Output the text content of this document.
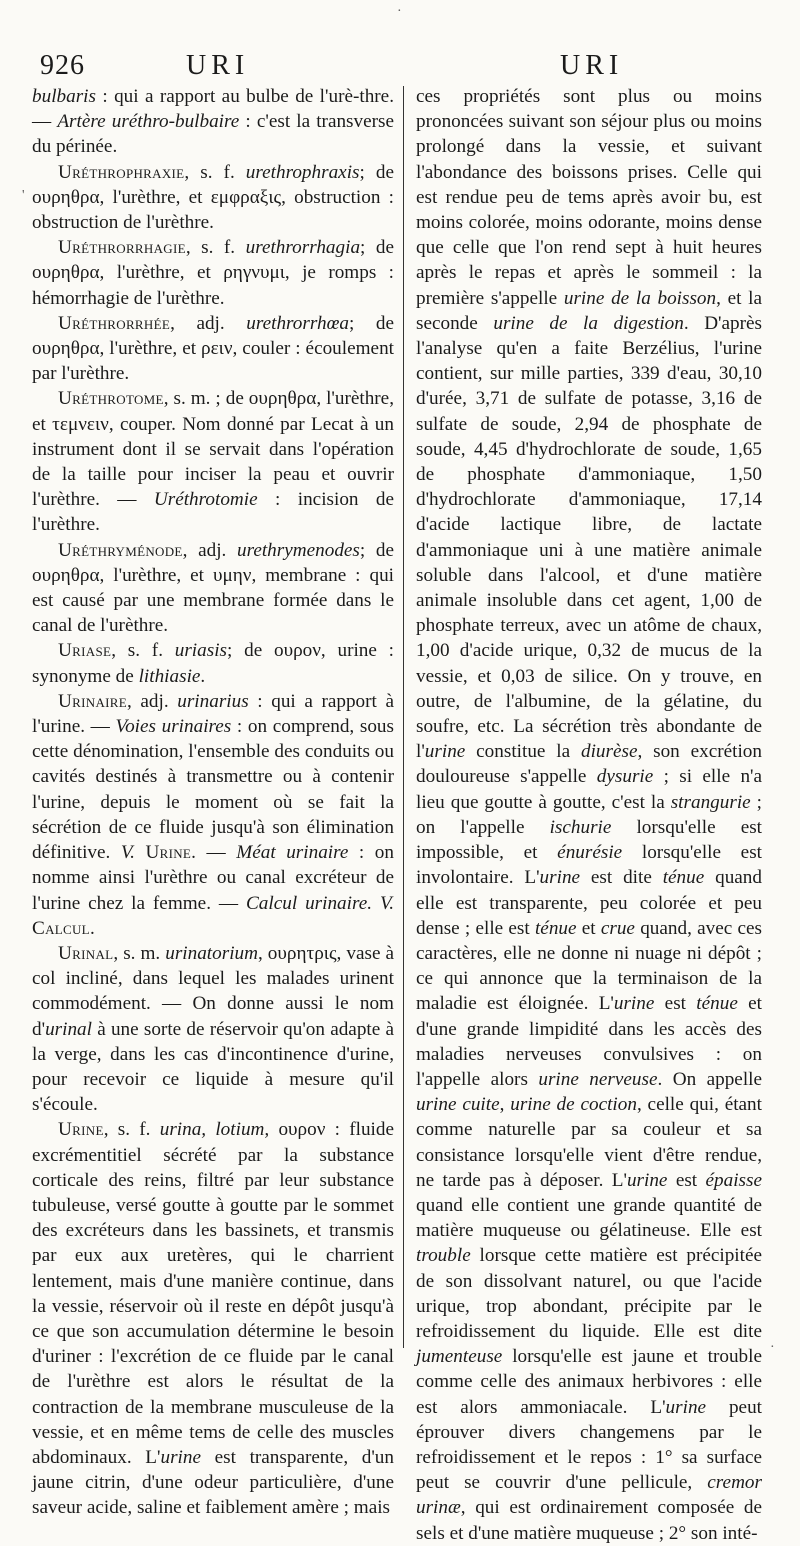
926	URI	URI

bulbaris : qui a rapport au bulbe de l'urè-thre. — Artère uréthro-bulbaire : c'est la transverse du périnée.

Uréthrophraxie, s. f. urethrophraxis; de ουρηθρα, l'urèthre, et εμφραξις, obstruction : obstruction de l'urèthre.

Uréthrorrhagie, s. f. urethrorrhagia; de ουρηθρα, l'urèthre, et ρηγνυμι, je romps : hémorrhagie de l'urèthre.

Uréthrorrhée, adj. urethrorrhœa; de ουρηθρα, l'urèthre, et ρειν, couler : écoulement par l'urèthre.

Uréthrotome, s. m. ; de ουρηθρα, l'urèthre, et τεμνειν, couper. Nom donné par Lecat à un instrument dont il se servait dans l'opération de la taille pour inciser la peau et ouvrir l'urèthre. — Uréthrotomie : incision de l'urèthre.

Uréthryménode, adj. urethrymenodes; de ουρηθρα, l'urèthre, et υμην, membrane : qui est causé par une membrane formée dans le canal de l'urèthre.

Uriase, s. f. uriasis; de ουρον, urine : synonyme de lithiasie.

Urinaire, adj. urinarius : qui a rapport à l'urine. — Voies urinaires : on comprend, sous cette dénomination, l'ensemble des conduits ou cavités destinés à transmettre ou à contenir l'urine, depuis le moment où se fait la sécrétion de ce fluide jusqu'à son élimination définitive. V. Urine. — Méat urinaire : on nomme ainsi l'urèthre ou canal excréteur de l'urine chez la femme. — Calcul urinaire. V. Calcul.

Urinal, s. m. urinatorium, ουρητρις, vase à col incliné, dans lequel les malades urinent commodément. — On donne aussi le nom d'urinal à une sorte de réservoir qu'on adapte à la verge, dans les cas d'incontinence d'urine, pour recevoir ce liquide à mesure qu'il s'écoule.

Urine, s. f. urina, lotium, ουρον : fluide excrémentitiel sécrété par la substance corticale des reins, filtré par leur substance tubuleuse, versé goutte à goutte par le sommet des excréteurs dans les bassinets, et transmis par eux aux uretères, qui le charrient lentement, mais d'une manière continue, dans la vessie, réservoir où il reste en dépôt jusqu'à ce que son accumulation détermine le besoin d'uriner : l'excrétion de ce fluide par le canal de l'urèthre est alors le résultat de la contraction de la membrane musculeuse de la vessie, et en même tems de celle des muscles abdominaux. L'urine est transparente, d'un jaune citrin, d'une odeur particulière, d'une saveur acide, saline et faiblement amère ; mais

ces propriétés sont plus ou moins prononcées suivant son séjour plus ou moins prolongé dans la vessie, et suivant l'abondance des boissons prises. Celle qui est rendue peu de tems après avoir bu, est moins colorée, moins odorante, moins dense que celle que l'on rend sept à huit heures après le repas et après le sommeil : la première s'appelle urine de la boisson, et la seconde urine de la digestion. D'après l'analyse qu'en a faite Berzélius, l'urine contient, sur mille parties, 339 d'eau, 30,10 d'urée, 3,71 de sulfate de potasse, 3,16 de sulfate de soude, 2,94 de phosphate de soude, 4,45 d'hydrochlorate de soude, 1,65 de phosphate d'ammoniaque, 1,50 d'hydrochlorate d'ammoniaque, 17,14 d'acide lactique libre, de lactate d'ammoniaque uni à une matière animale soluble dans l'alcool, et d'une matière animale insoluble dans cet agent, 1,00 de phosphate terreux, avec un atôme de chaux, 1,00 d'acide urique, 0,32 de mucus de la vessie, et 0,03 de silice. On y trouve, en outre, de l'albumine, de la gélatine, du soufre, etc. La sécrétion très abondante de l'urine constitue la diurèse, son excrétion douloureuse s'appelle dysurie ; si elle n'a lieu que goutte à goutte, c'est la strangurie ; on l'appelle ischurie lorsqu'elle est impossible, et énurésie lorsqu'elle est involontaire. L'urine est dite ténue quand elle est transparente, peu colorée et peu dense ; elle est ténue et crue quand, avec ces caractères, elle ne donne ni nuage ni dépôt ; ce qui annonce que la terminaison de la maladie est éloignée. L'urine est ténue et d'une grande limpidité dans les accès des maladies nerveuses convulsives : on l'appelle alors urine nerveuse. On appelle urine cuite, urine de coction, celle qui, étant comme naturelle par sa couleur et sa consistance lorsqu'elle vient d'être rendue, ne tarde pas à déposer. L'urine est épaisse quand elle contient une grande quantité de matière muqueuse ou gélatineuse. Elle est trouble lorsque cette matière est précipitée de son dissolvant naturel, ou que l'acide urique, trop abondant, précipite par le refroidissement du liquide. Elle est dite jumenteuse lorsqu'elle est jaune et trouble comme celle des animaux herbivores : elle est alors ammoniacale. L'urine peut éprouver divers changemens par le refroidissement et le repos : 1° sa surface peut se couvrir d'une pellicule, cremor urinæ, qui est ordinairement composée de sels et d'une matière muqueuse ; 2° son inté-

·
'
·
